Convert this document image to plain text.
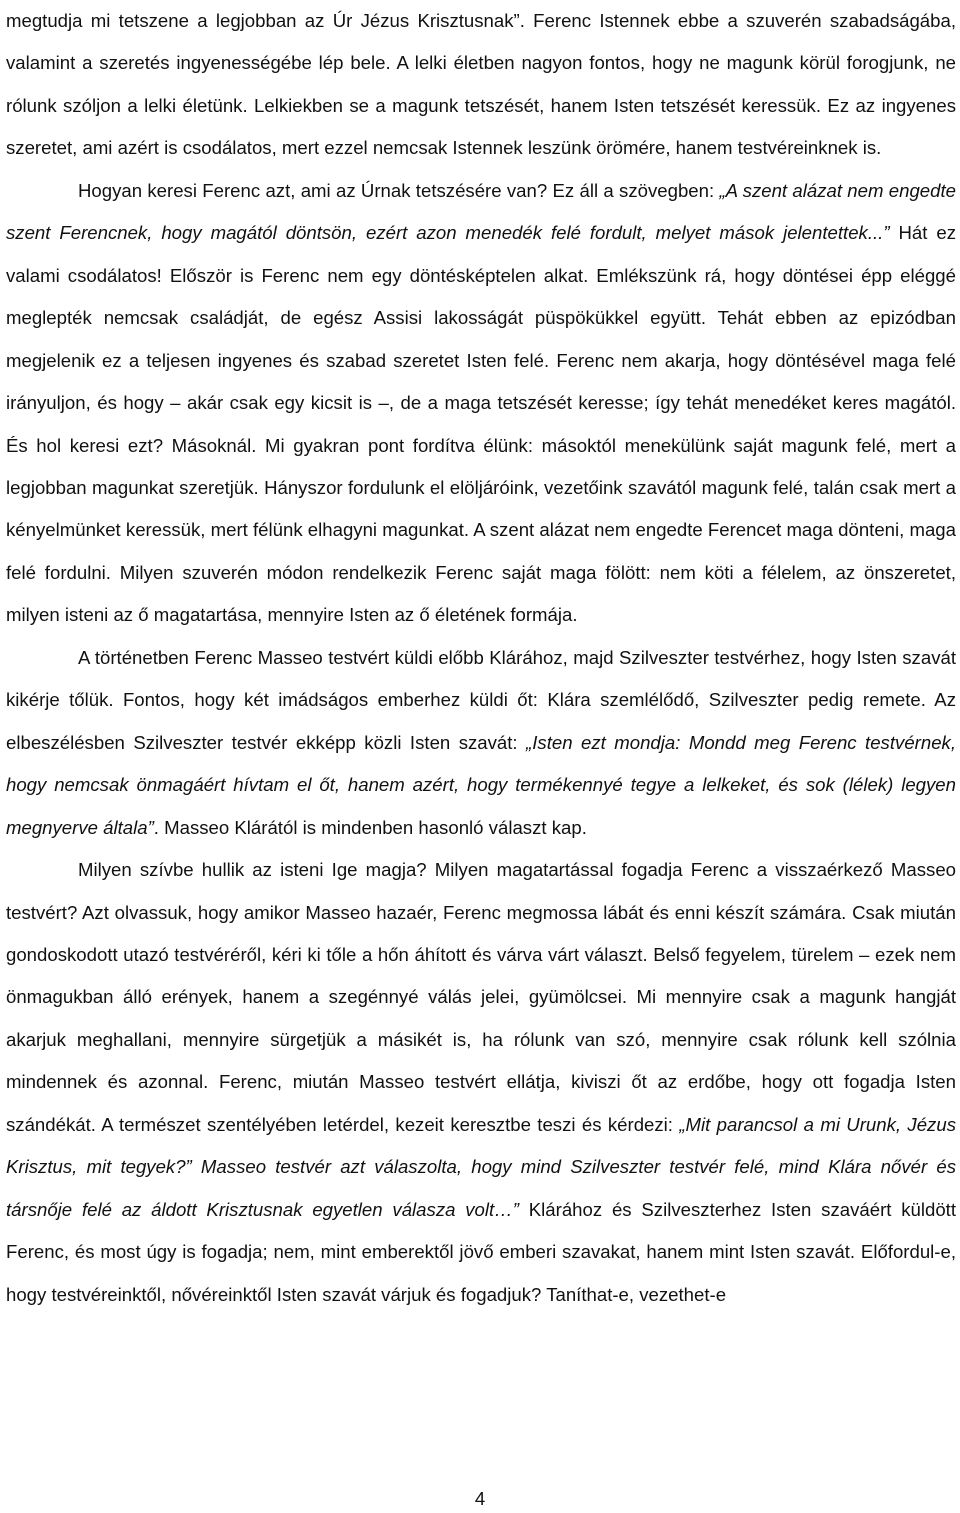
megtudja mi tetszene a legjobban az Úr Jézus Krisztusnak”. Ferenc Istennek ebbe a szuverén szabadságába, valamint a szeretés ingyenességébe lép bele. A lelki életben nagyon fontos, hogy ne magunk körül forogjunk, ne rólunk szóljon a lelki életünk. Lelkiekben se a magunk tetszését, hanem Isten tetszését keressük. Ez az ingyenes szeretet, ami azért is csodálatos, mert ezzel nemcsak Istennek leszünk örömére, hanem testvéreinknek is.

Hogyan keresi Ferenc azt, ami az Úrnak tetszésére van? Ez áll a szövegben: „A szent alázat nem engedte szent Ferencnek, hogy magától döntsön, ezért azon menedék felé fordult, melyet mások jelentettek...” Hát ez valami csodálatos! Először is Ferenc nem egy döntésképtelen alkat. Emlékszünk rá, hogy döntései épp eléggé meglepték nemcsak családját, de egész Assisi lakosságát püspökükkel együtt. Tehát ebben az epizódban megjelenik ez a teljesen ingyenes és szabad szeretet Isten felé. Ferenc nem akarja, hogy döntésével maga felé irányuljon, és hogy – akár csak egy kicsit is –, de a maga tetszését keresse; így tehát menedéket keres magától. És hol keresi ezt? Másoknál. Mi gyakran pont fordítva élünk: másoktól menekülünk saját magunk felé, mert a legjobban magunkat szeretjük. Hányszor fordulunk el elöljáróink, vezetőink szavától magunk felé, talán csak mert a kényelmünket keressük, mert félünk elhagyni magunkat. A szent alázat nem engedte Ferencet maga dönteni, maga felé fordulni. Milyen szuverén módon rendelkezik Ferenc saját maga fölött: nem köti a félelem, az önszeretet, milyen isteni az ő magatartása, mennyire Isten az ő életének formája.

A történetben Ferenc Masseo testvért küldi előbb Klárához, majd Szilveszter testvérhez, hogy Isten szavát kikérje tőlük. Fontos, hogy két imádságos emberhez küldi őt: Klára szemlélődő, Szilveszter pedig remete. Az elbeszélésben Szilveszter testvér ekképp közli Isten szavát: „Isten ezt mondja: Mondd meg Ferenc testvérnek, hogy nemcsak önmagáért hívtam el őt, hanem azért, hogy termékennyé tegye a lelkeket, és sok (lélek) legyen megnyerve általa”. Masseo Klárától is mindenben hasonló választ kap.

Milyen szívbe hullik az isteni Ige magja? Milyen magatartással fogadja Ferenc a visszaérkező Masseo testvért? Azt olvassuk, hogy amikor Masseo hazaér, Ferenc megmossa lábát és enni készít számára. Csak miután gondoskodott utazó testvéréről, kéri ki tőle a hőn áhított és várva várt választ. Belső fegyelem, türelem – ezek nem önmagukban álló erények, hanem a szegénnyé válás jelei, gyümölcsei. Mi mennyire csak a magunk hangját akarjuk meghallani, mennyire sürgetjük a másikét is, ha rólunk van szó, mennyire csak rólunk kell szólnia mindennek és azonnal. Ferenc, miután Masseo testvért ellátja, kiviszi őt az erdőbe, hogy ott fogadja Isten szándékát. A természet szentélyében letérdel, kezeit keresztbe teszi és kérdezi: „Mit parancsol a mi Urunk, Jézus Krisztus, mit tegyek?” Masseo testvér azt válaszolta, hogy mind Szilveszter testvér felé, mind Klára nővér és társnője felé az áldott Krisztusnak egyetlen válasza volt…” Klárához és Szilveszterhez Isten szaváért küldött Ferenc, és most úgy is fogadja; nem, mint emberektől jövő emberi szavakat, hanem mint Isten szavát. Előfordul-e, hogy testvéreinktől, nővéreinktől Isten szavát várjuk és fogadjuk? Taníthat-e, vezethet-e

4
